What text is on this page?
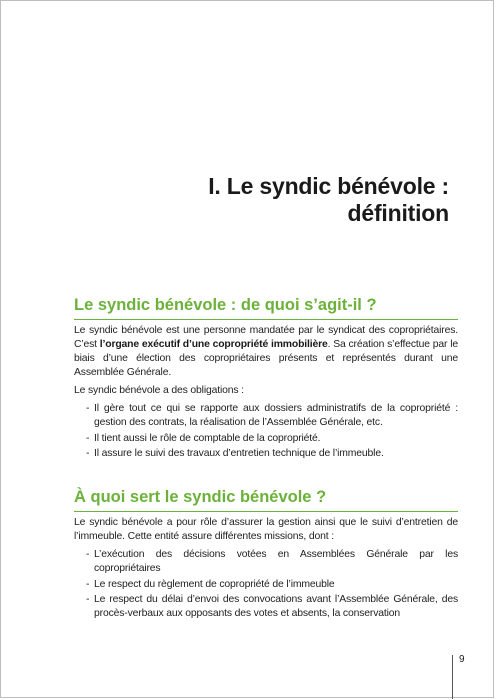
I. Le syndic bénévole :
définition
Le syndic bénévole : de quoi s’agit-il ?

Le syndic bénévole est une personne mandatée par le syndicat des copropriétaires. C’est l’organe exécutif d’une copropriété immobilière. Sa création s’effectue par le biais d’une élection des copropriétaires présents et représentés durant une Assemblée Générale.

Le syndic bénévole a des obligations :

- Il gère tout ce qui se rapporte aux dossiers administratifs de la copropriété : gestion des contrats, la réalisation de l’Assemblée Générale, etc.
- Il tient aussi le rôle de comptable de la copropriété.
- Il assure le suivi des travaux d’entretien technique de l’immeuble.
À quoi sert le syndic bénévole ?

Le syndic bénévole a pour rôle d’assurer la gestion ainsi que le suivi d’entretien de l’immeuble. Cette entité assure différentes missions, dont :

- L’exécution des décisions votées en Assemblées Générale par les copropriétaires
- Le respect du règlement de copropriété de l’immeuble
- Le respect du délai d’envoi des convocations avant l’Assemblée Générale, des procès-verbaux aux opposants des votes et absents, la conservation
9
